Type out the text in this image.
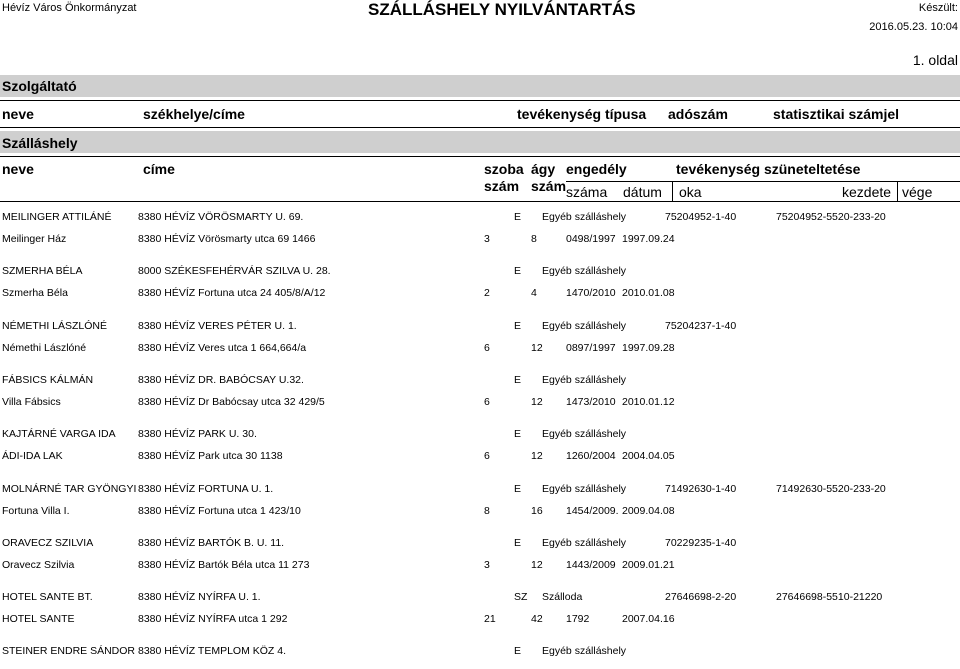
Hévíz Város Önkormányzat	SZÁLLÁSHELY NYILVÁNTARTÁS	Készült:
2016.05.23. 10:04
1. oldal
Szolgáltató
neve	székhelye/címe	tevékenység típusa adószám	statisztikai számjel
Szálláshely
neve	címe	szoba
szám
ágy
szám
engedély	tevékenység szüneteltetése
száma dátum oka	kezdete vége
MEILINGER ATTILÁNÉ	8380 HÉVÍZ VÖRÖSMARTY U. 69.	E Egyéb szálláshely	75204952-1-40	75204952-5520-233-20
Meilinger Ház	8380 HÉVÍZ Vörösmarty utca 69 1466	3	8	0498/1997 1997.09.24
SZMERHA BÉLA	8000 SZÉKESFEHÉRVÁR SZILVA U. 28.	E Egyéb szálláshely
Szmerha Béla	8380 HÉVÍZ Fortuna utca 24 405/8/A/12	2	4	1470/2010 2010.01.08
NÉMETHI LÁSZLÓNÉ	8380 HÉVÍZ VERES PÉTER U. 1.	E Egyéb szálláshely	75204237-1-40
Némethi Lászlóné	8380 HÉVÍZ Veres utca 1 664,664/a	6	12 0897/1997 1997.09.28
FÁBSICS KÁLMÁN	8380 HÉVÍZ DR. BABÓCSAY U.32.	E Egyéb szálláshely
Villa Fábsics	8380 HÉVÍZ Dr Babócsay utca 32 429/5	6	12 1473/2010 2010.01.12
KAJTÁRNÉ VARGA IDA 8380 HÉVÍZ PARK U. 30.	E Egyéb szálláshely
ÁDI-IDA LAK	8380 HÉVÍZ Park utca 30 1138	6	12 1260/2004 2004.04.05
MOLNÁRNÉ TAR GYÖNGYI 8380 HÉVÍZ FORTUNA U. 1.	E Egyéb szálláshely	71492630-1-40	71492630-5520-233-20
Fortuna Villa I.	8380 HÉVÍZ Fortuna utca 1 423/10	8	16 1454/2009. 2009.04.08
ORAVECZ SZILVIA	8380 HÉVÍZ BARTÓK B. U. 11.	E Egyéb szálláshely	70229235-1-40
Oravecz Szilvia	8380 HÉVÍZ Bartók Béla utca 11 273	3	12 1443/2009 2009.01.21
HOTEL SANTE BT.	8380 HÉVÍZ NYÍRFA U. 1.	SZ Szálloda	27646698-2-20	27646698-5510-21220
HOTEL SANTE	8380 HÉVÍZ NYÍRFA utca 1 292	21	42 1792	2007.04.16
STEINER ENDRE SÁNDOR 8380 HÉVÍZ TEMPLOM KÖZ 4.	E Egyéb szálláshely
